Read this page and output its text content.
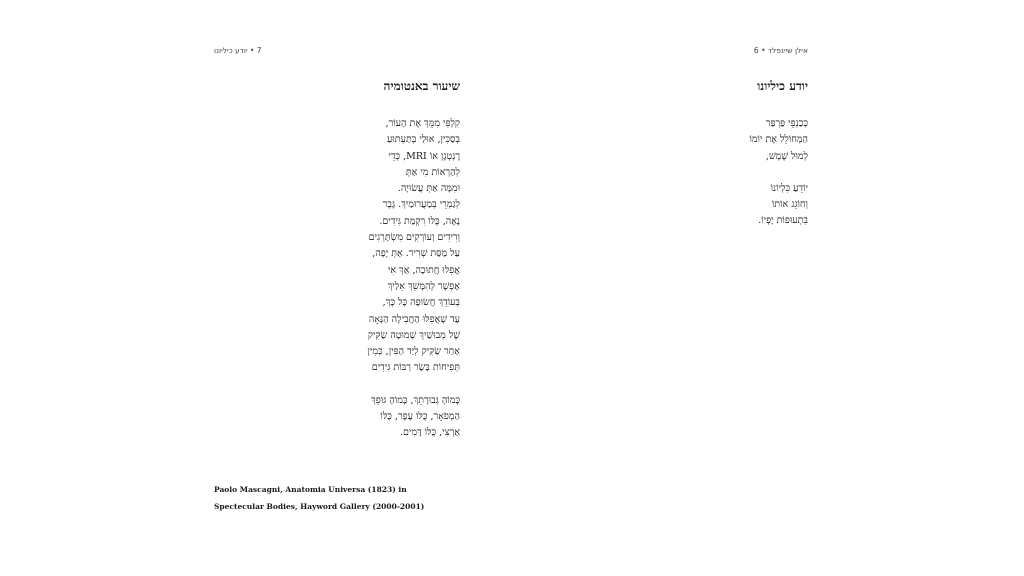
7 • יודע כיליונו
שיעור באנטומיה
קִלְפִּי מִמֵּךְ אֶת הָעוֹר,
בְּסַכִּין, אוּלַי בְּתַעְתּוּעַ
רֶנְטְגֶן אוֹ MRI, כְּדֵי
לְהַרְאוֹת מִי אַתְּ
וּמִמָּה אַתְּ עֲשׂוּיָה.
לְגַמְרֵי בְּמַעֲרוּמַיִךְ. גֶּבֶר
נָאֶה, כֻּלּוֹ רִקְמַת גִּידִים.
וְרִידִים וְעוֹרְקִים מִשְׂתָּרְגִים
עַל מַסַּת שְׁרִיר. אַתְּ יָפָה,
אֲפִלּוּ חֲתוּכָה, אַךְ אִי
אֶפְשָׁר לְהִמָּשֵׁךְ אֵלַיִךְ
בְּעוֹדֵךְ חֲשׂוּפָה כָּל כָּךְ,
עַד שֶׁאֲפִלּוּ הַחֲבִילָה הַנָּאָה
שֶׁל מְבוּשַׁיִךְ שְׁמוּטָה שַׂקִּיק
אַחַר שַׂקִּיק לְיַד הַפִּין, כְּמִין
תְּפִיחוֹת בָּשָׂר רַבּוֹת גִּידִים
כָּמוֹהָ גְּבוּרָתֵךְ, כָּמוֹהָ גּוּפֵךְ
הַמְפֹאָר, כֻּלּוֹ עָפָר, כֻּלּוֹ
אַרְצִי, כֻּלּוֹ דָּמִים.
Paolo Mascagni, Anatomia Universa (1823) in
Spectecular Bodies, Hayword Gallery (2000-2001)
אילן שיינפלד • 6
יודע כיליונו
כְּכַנְפֵי פַּרְפַּר
הַמְחוֹלֵל אֶת יוֹמוֹ
לְמוּל שֶׁמֶשׁ,
יוֹדֵעַ כִּלְיוֹנוֹ
וְחוֹגֵג אוֹתוֹ
בִּתְעוּפוֹת יָפְיוֹ.
